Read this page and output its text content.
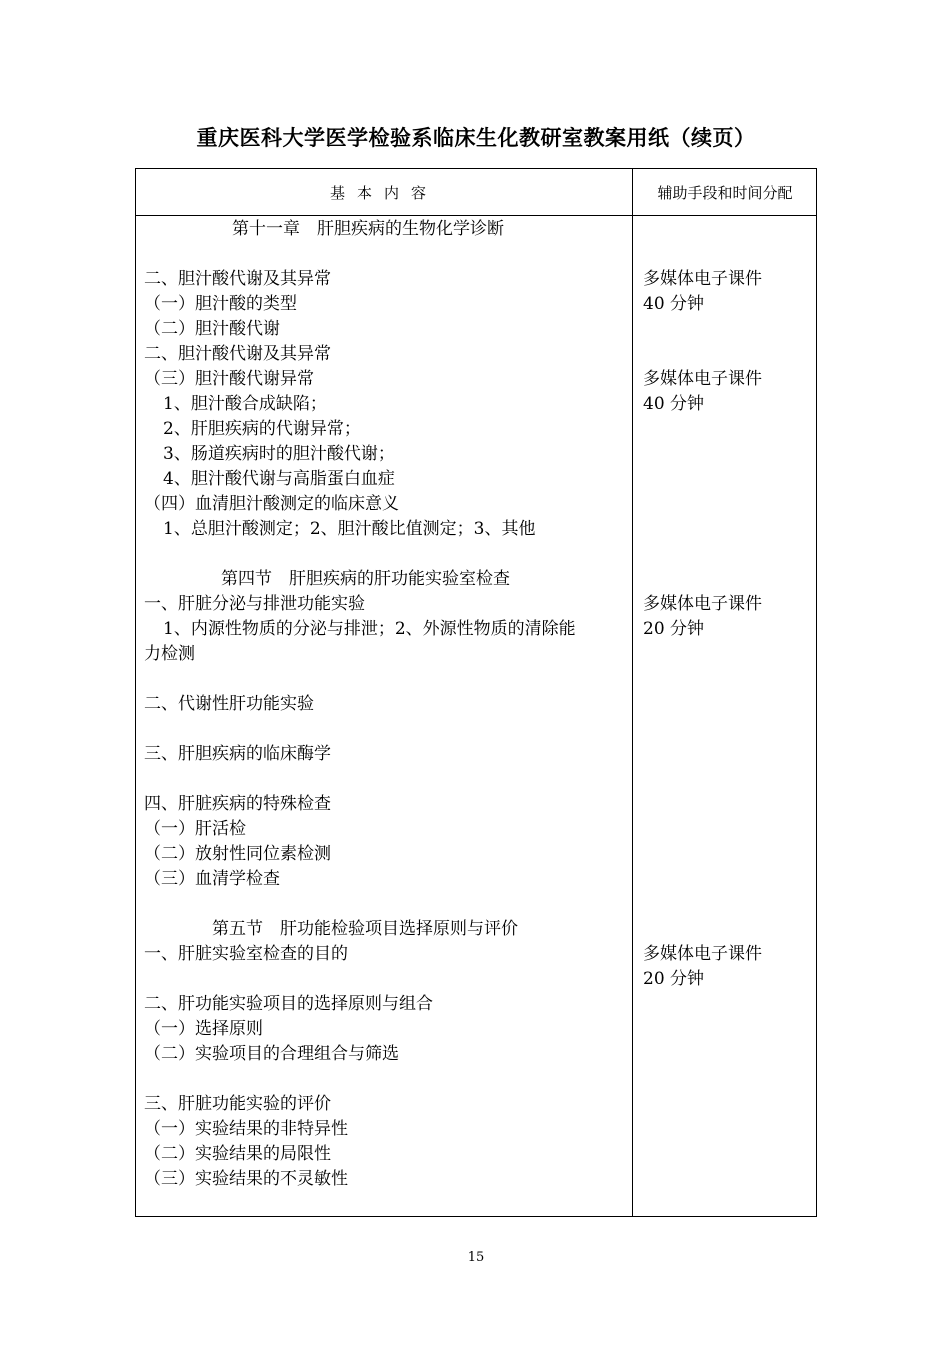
重庆医科大学医学检验系临床生化教研室教案用纸（续页）
基本内容	辅助手段和时间分配
第十一章　肝胆疾病的生物化学诊断
二、胆汁酸代谢及其异常
（一）胆汁酸的类型
（二）胆汁酸代谢
二、胆汁酸代谢及其异常
（三）胆汁酸代谢异常
1、胆汁酸合成缺陷；
2、肝胆疾病的代谢异常；
3、肠道疾病时的胆汁酸代谢；
4、胆汁酸代谢与高脂蛋白血症
（四）血清胆汁酸测定的临床意义
1、总胆汁酸测定；2、胆汁酸比值测定；3、其他
第四节　肝胆疾病的肝功能实验室检查
一、肝脏分泌与排泄功能实验
1、内源性物质的分泌与排泄；2、外源性物质的清除能
力检测
二、代谢性肝功能实验
三、肝胆疾病的临床酶学
四、肝脏疾病的特殊检查
（一）肝活检
（二）放射性同位素检测
（三）血清学检查
第五节　肝功能检验项目选择原则与评价
一、肝脏实验室检查的目的
二、肝功能实验项目的选择原则与组合
（一）选择原则
（二）实验项目的合理组合与筛选
三、肝脏功能实验的评价
（一）实验结果的非特异性
（二）实验结果的局限性
（三）实验结果的不灵敏性
多媒体电子课件
40 分钟
多媒体电子课件
40 分钟
多媒体电子课件
20 分钟
多媒体电子课件
20 分钟
15
